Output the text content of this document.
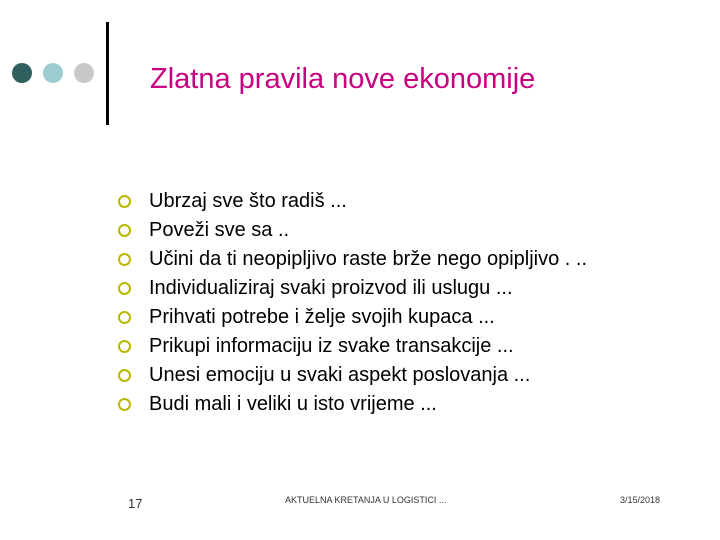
Zlatna pravila nove ekonomije
Ubrzaj sve što radiš ...
Poveži sve sa ..
Učini da ti neopipljivo raste brže nego opipljivo . ..
Individualiziraj svaki proizvod ili uslugu ...
Prihvati potrebe i želje svojih kupaca ...
Prikupi informaciju iz svake transakcije ...
Unesi emociju u svaki aspekt poslovanja ...
Budi mali i veliki u isto vrijeme ...
17	AKTUELNA KRETANJA U LOGISTICI ...	3/15/2018
